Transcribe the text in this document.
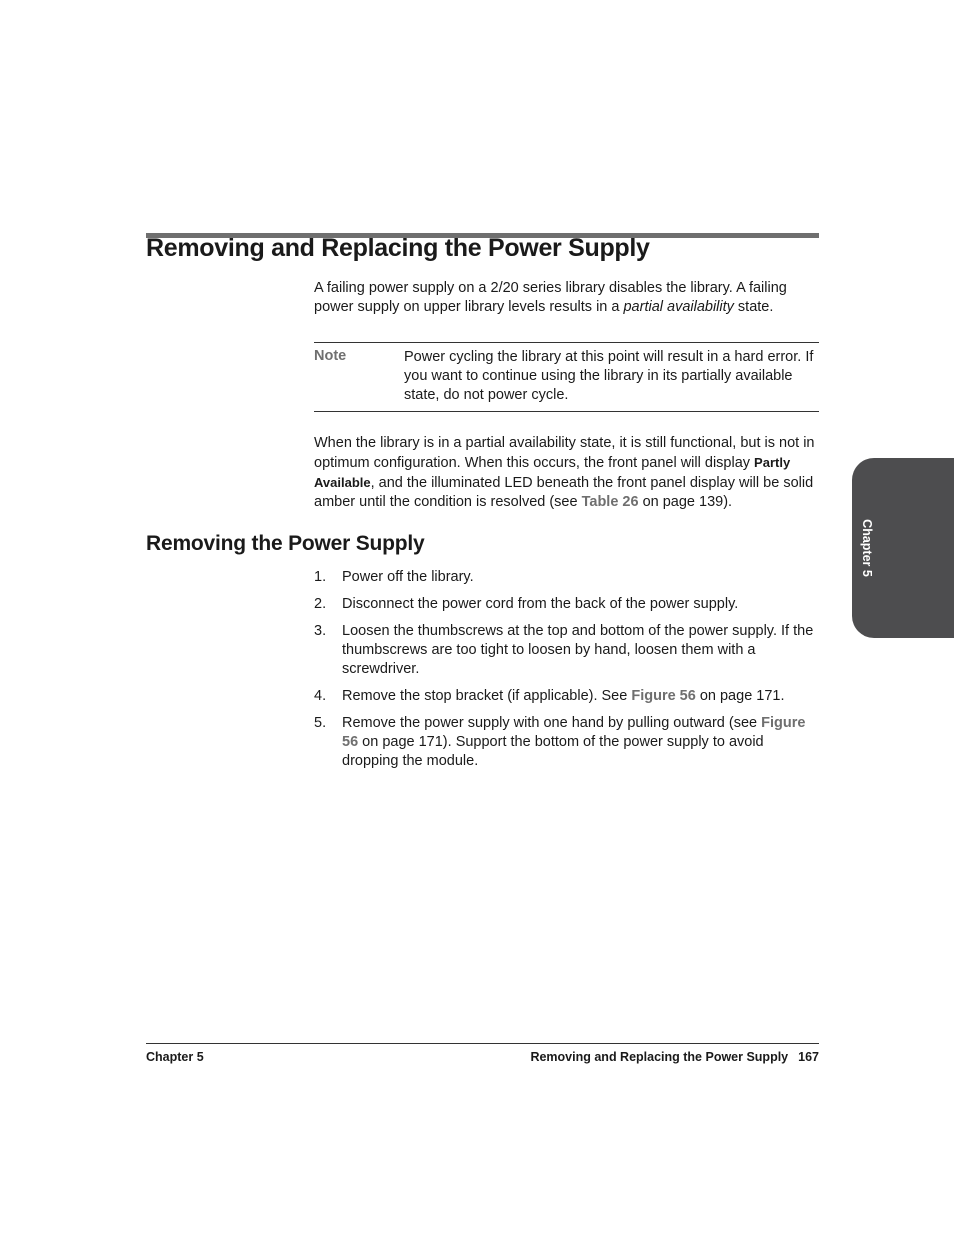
Removing and Replacing the Power Supply
A failing power supply on a 2/20 series library disables the library. A failing power supply on upper library levels results in a partial availability state.
Note	Power cycling the library at this point will result in a hard error. If you want to continue using the library in its partially available state, do not power cycle.
When the library is in a partial availability state, it is still functional, but is not in optimum configuration. When this occurs, the front panel will display Partly Available, and the illuminated LED beneath the front panel display will be solid amber until the condition is resolved (see Table 26 on page 139).
Removing the Power Supply
1. Power off the library.
2. Disconnect the power cord from the back of the power supply.
3. Loosen the thumbscrews at the top and bottom of the power supply. If the thumbscrews are too tight to loosen by hand, loosen them with a screwdriver.
4. Remove the stop bracket (if applicable). See Figure 56 on page 171.
5. Remove the power supply with one hand by pulling outward (see Figure 56 on page 171). Support the bottom of the power supply to avoid dropping the module.
Chapter 5
Chapter 5	Removing and Replacing the Power Supply 167
